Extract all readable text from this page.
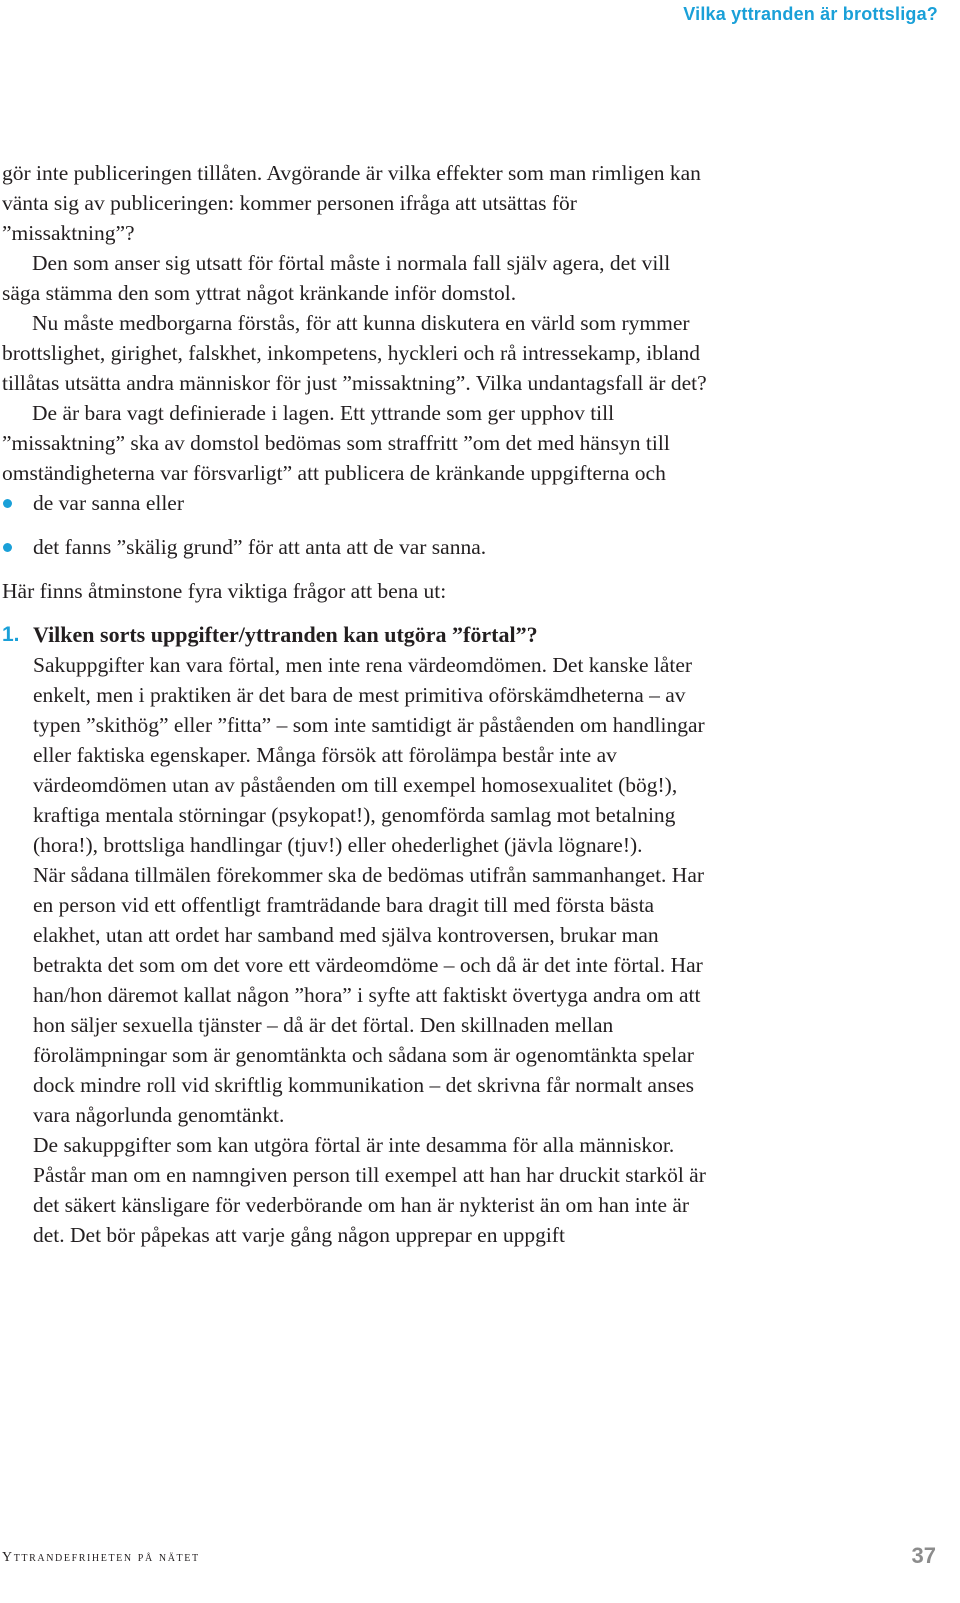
Vilka yttranden är brottsliga?

gör inte publiceringen tillåten. Avgörande är vilka effekter som man rimligen kan vänta sig av publiceringen: kommer personen ifråga att utsättas för ”missaktning”?

Den som anser sig utsatt för förtal måste i normala fall själv agera, det vill säga stämma den som yttrat något kränkande inför domstol.

Nu måste medborgarna förstås, för att kunna diskutera en värld som rymmer brottslighet, girighet, falskhet, inkompetens, hyckleri och rå intressekamp, ibland tillåtas utsätta andra människor för just ”missaktning”. Vilka undantagsfall är det?

De är bara vagt definierade i lagen. Ett yttrande som ger upphov till ”missaktning” ska av domstol bedömas som straffritt ”om det med hänsyn till omständigheterna var försvarligt” att publicera de kränkande uppgifterna och

de var sanna eller
det fanns ”skälig grund” för att anta att de var sanna.

Här finns åtminstone fyra viktiga frågor att bena ut:

1. Vilken sorts uppgifter/yttranden kan utgöra ”förtal”?

Sakuppgifter kan vara förtal, men inte rena värdeomdömen. Det kanske låter enkelt, men i praktiken är det bara de mest primitiva oförskämdheterna – av typen ”skithög” eller ”fitta” – som inte samtidigt är påståenden om handlingar eller faktiska egenskaper. Många försök att förolämpa består inte av värdeomdömen utan av påståenden om till exempel homosexualitet (bög!), kraftiga mentala störningar (psykopat!), genomförda samlag mot betalning (hora!), brottsliga handlingar (tjuv!) eller ohederlighet (jävla lögnare!).

När sådana tillmälen förekommer ska de bedömas utifrån sammanhanget. Har en person vid ett offentligt framträdande bara dragit till med första bästa elakhet, utan att ordet har samband med själva kontroversen, brukar man betrakta det som om det vore ett värdeomdöme – och då är det inte förtal. Har han/hon däremot kallat någon ”hora” i syfte att faktiskt övertyga andra om att hon säljer sexuella tjänster – då är det förtal. Den skillnaden mellan förolämpningar som är genomtänkta och sådana som är ogenomtänkta spelar dock mindre roll vid skriftlig kommunikation – det skrivna får normalt anses vara någorlunda genomtänkt.

De sakuppgifter som kan utgöra förtal är inte desamma för alla människor. Påstår man om en namngiven person till exempel att han har druckit starköl är det säkert känsligare för vederbörande om han är nykterist än om han inte är det. Det bör påpekas att varje gång någon upprepar en uppgift

Yttrandefriheten på nätet	37
